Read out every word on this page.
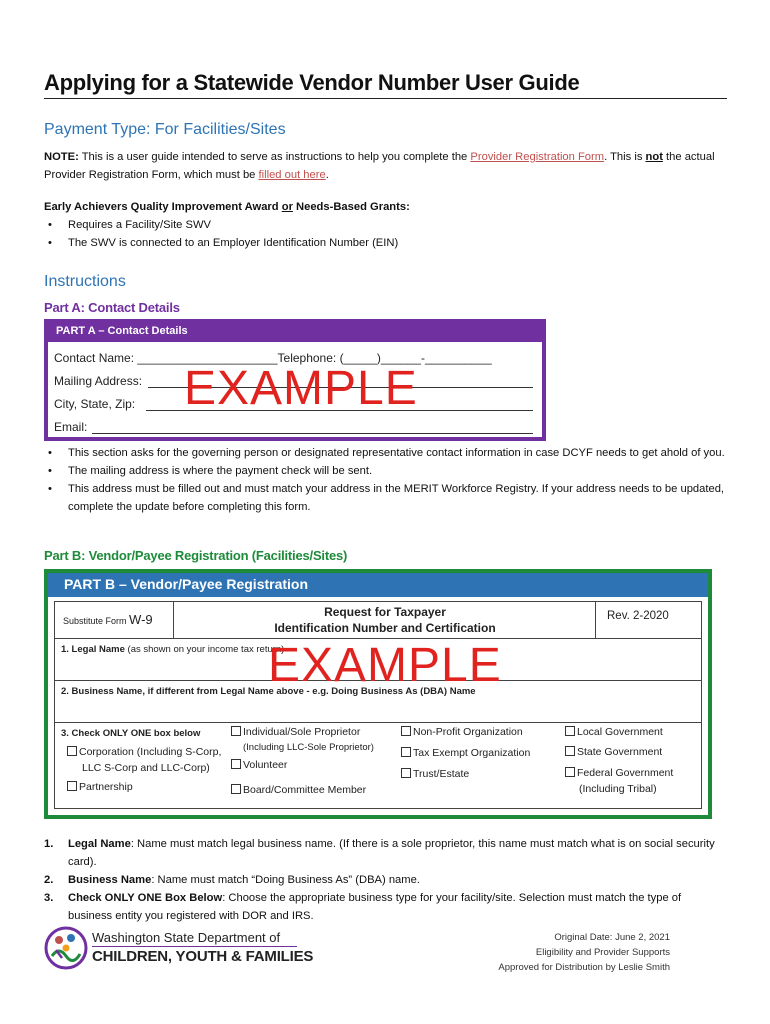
Applying for a Statewide Vendor Number User Guide
Payment Type: For Facilities/Sites
NOTE: This is a user guide intended to serve as instructions to help you complete the Provider Registration Form. This is not the actual Provider Registration Form, which must be filled out here.
Early Achievers Quality Improvement Award or Needs-Based Grants:
• Requires a Facility/Site SWV
• The SWV is connected to an Employer Identification Number (EIN)
Instructions
Part A: Contact Details
PART A – Contact Details
Contact Name: _____________________Telephone: (_____)______-__________
Mailing Address:
City, State, Zip:
Email:
EXAMPLE
• This section asks for the governing person or designated representative contact information in case DCYF needs to get ahold of you.
• The mailing address is where the payment check will be sent.
• This address must be filled out and must match your address in the MERIT Workforce Registry. If your address needs to be updated, complete the update before completing this form.
Part B: Vendor/Payee Registration (Facilities/Sites)
PART B – Vendor/Payee Registration
Substitute Form W-9	Request for Taxpayer
Identification Number and Certification
Rev. 2-2020
1. Legal Name (as shown on your income tax return)
2. Business Name, if different from Legal Name above - e.g. Doing Business As (DBA) Name
3. Check ONLY ONE box below
Corporation (Including S-Corp,
LLC S-Corp and LLC-Corp)
Partnership
Individual/Sole Proprietor
(Including LLC-Sole Proprietor)
Volunteer
Board/Committee Member
Non-Profit Organization
Tax Exempt Organization
Trust/Estate
Local Government
State Government
Federal Government
(Including Tribal)
EXAMPLE
1. Legal Name: Name must match legal business name. (If there is a sole proprietor, this name must match what is on social security card).
2. Business Name: Name must match “Doing Business As” (DBA) name.
3. Check ONLY ONE Box Below: Choose the appropriate business type for your facility/site. Selection must match the type of business entity you registered with DOR and IRS.
Washington State Department of
CHILDREN, YOUTH & FAMILIES
Original Date: June 2, 2021
Eligibility and Provider Supports
Approved for Distribution by Leslie Smith
